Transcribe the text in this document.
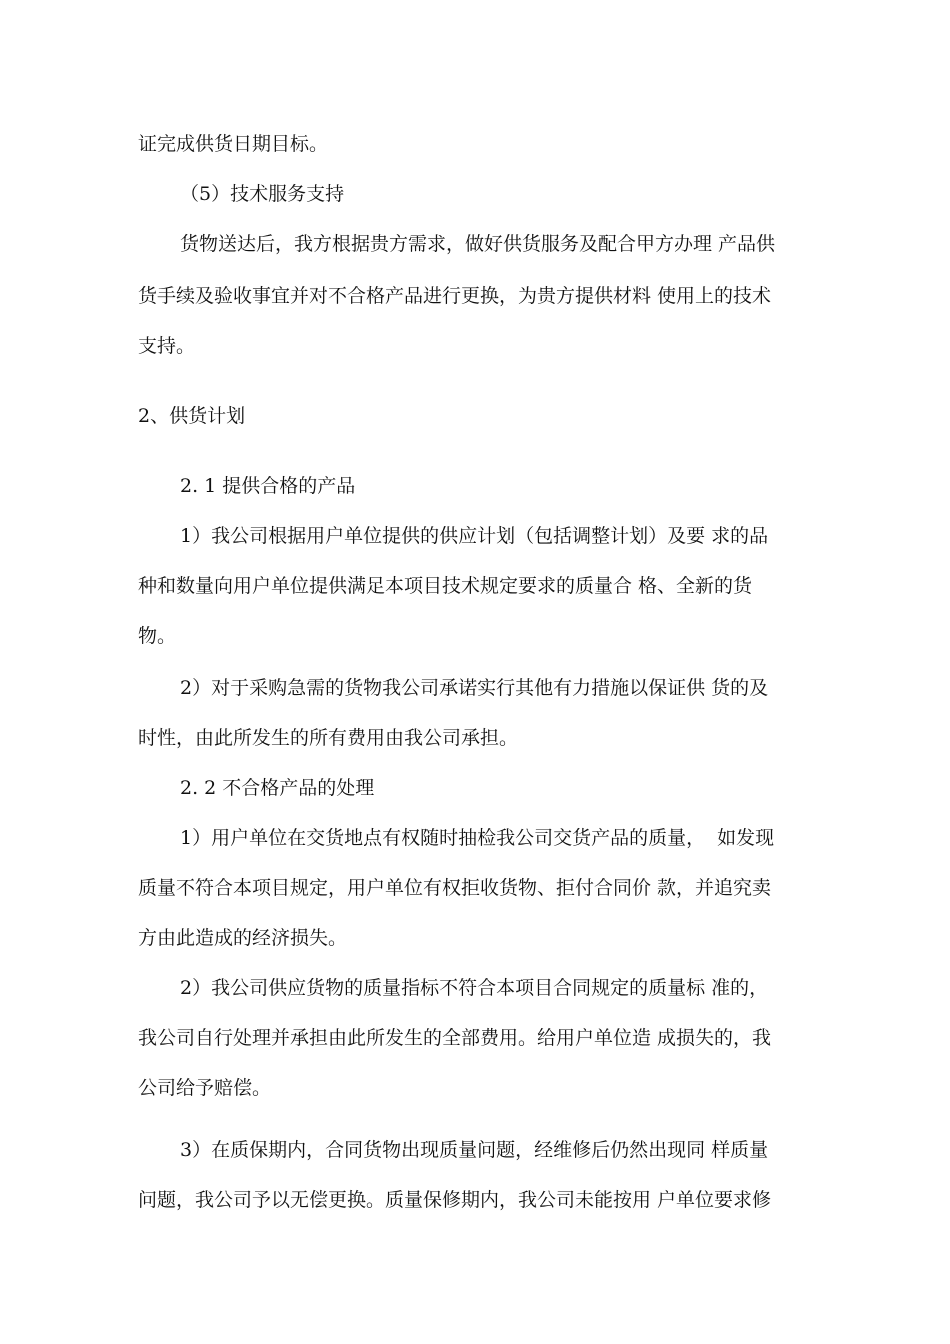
证完成供货日期目标。

（5）技术服务支持

货物送达后，我方根据贵方需求，做好供货服务及配合甲方办理 产品供

货手续及验收事宜并对不合格产品进行更换，为贵方提供材料 使用上的技术

支持。

2、供货计划

2. 1 提供合格的产品

1）我公司根据用户单位提供的供应计划（包括调整计划）及要 求的品

种和数量向用户单位提供满足本项目技术规定要求的质量合 格、全新的货

物。

2）对于采购急需的货物我公司承诺实行其他有力措施以保证供 货的及

时性，由此所发生的所有费用由我公司承担。

2. 2 不合格产品的处理

1）用户单位在交货地点有权随时抽检我公司交货产品的质量，  如发现

质量不符合本项目规定，用户单位有权拒收货物、拒付合同价 款，并追究卖

方由此造成的经济损失。

2）我公司供应货物的质量指标不符合本项目合同规定的质量标 准的，

我公司自行处理并承担由此所发生的全部费用。给用户单位造 成损失的，我

公司给予赔偿。

3）在质保期内，合同货物出现质量问题，经维修后仍然出现同 样质量

问题，我公司予以无偿更换。质量保修期内，我公司未能按用 户单位要求修
